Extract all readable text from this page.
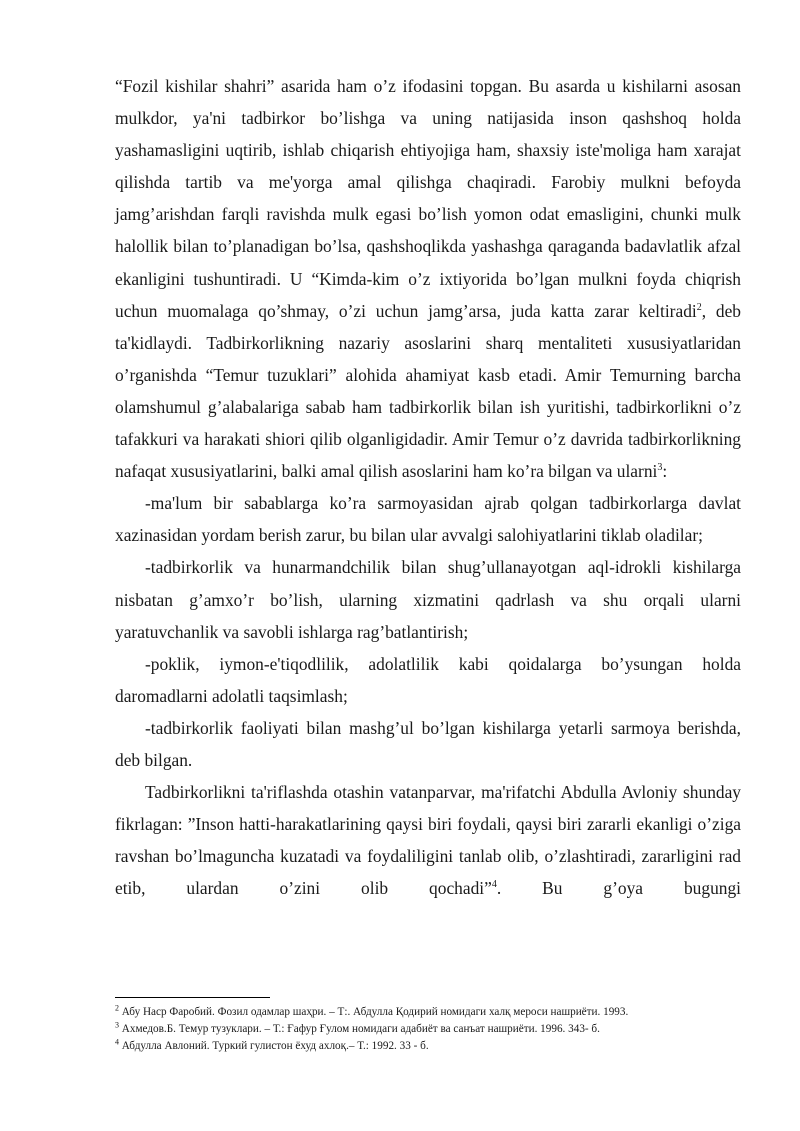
“Fozil kishilar shahri” asarida ham o’z ifodasini topgan. Bu asarda u kishilarni asosan mulkdor, ya'ni tadbirkor bo’lishga va uning natijasida inson qashshoq holda yashamasligini uqtirib, ishlab chiqarish ehtiyojiga ham, shaxsiy iste'moliga ham xarajat qilishda tartib va me'yorga amal qilishga chaqiradi. Farobiy mulkni befoyda jamg’arishdan farqli ravishda mulk egasi bo’lish yomon odat emasligini, chunki mulk halollik bilan to’planadigan bo’lsa, qashshoqlikda yashashga qaraganda badavlatlik afzal ekanligini tushuntiradi. U “Kimda-kim o’z ixtiyorida bo’lgan mulkni foyda chiqrish uchun muomalaga qo’shmay, o’zi uchun jamg’arsa, juda katta zarar keltiradi$^2$, deb ta'kidlaydi. Tadbirkorlikning nazariy asoslarini sharq mentaliteti xususiyatlaridan o’rganishda “Temur tuzuklari” alohida ahamiyat kasb etadi. Amir Temurning barcha olamshumul g’alabalariga sabab ham tadbirkorlik bilan ish yuritishi, tadbirkorlikni o’z tafakkuri va harakati shiori qilib olganligidadir. Amir Temur o’z davrida tadbirkorlikning nafaqat xususiyatlarini, balki amal qilish asoslarini ham ko’ra bilgan va ularni$^3$:

-ma'lum bir sabablarga ko’ra sarmoyasidan ajrab qolgan tadbirkorlarga davlat xazinasidan yordam berish zarur, bu bilan ular avvalgi salohiyatlarini tiklab oladilar;

-tadbirkorlik va hunarmandchilik bilan shug’ullanayotgan aql-idrokli kishilarga nisbatan g’amxo’r bo’lish, ularning xizmatini qadrlash va shu orqali ularni yaratuvchanlik va savobli ishlarga rag’batlantirish;

-poklik, iymon-e'tiqodlilik, adolatlilik kabi qoidalarga bo’ysungan holda daromadlarni adolatli taqsimlash;

-tadbirkorlik faoliyati bilan mashg’ul bo’lgan kishilarga yetarli sarmoya berishda, deb bilgan.

Tadbirkorlikni ta'riflashda otashin vatanparvar, ma'rifatchi Abdulla Avloniy shunday fikrlagan: ”Inson hatti-harakatlarining qaysi biri foydali, qaysi biri zararli ekanligi o’ziga ravshan bo’lmaguncha kuzatadi va foydaliligini tanlab olib, o’zlashtiradi, zararligini rad etib, ulardan o’zini olib qochadi”$^4$. Bu g’oya bugungi

$^2$ Абу Наср Фаробий. Фозил одамлар шаҳри. – Т:. Абдулла Қодирий номидаги халқ мероси нашриёти. 1993.
$^3$ Ахмедов.Б. Темур тузуклари. – Т.: Ғафур Ғулом номидаги адабиёт ва санъат нашриёти. 1996. 343- б.
$^4$ Абдулла Авлоний. Туркий гулистон ёхуд ахлоқ.– Т.: 1992. 33 - б.
